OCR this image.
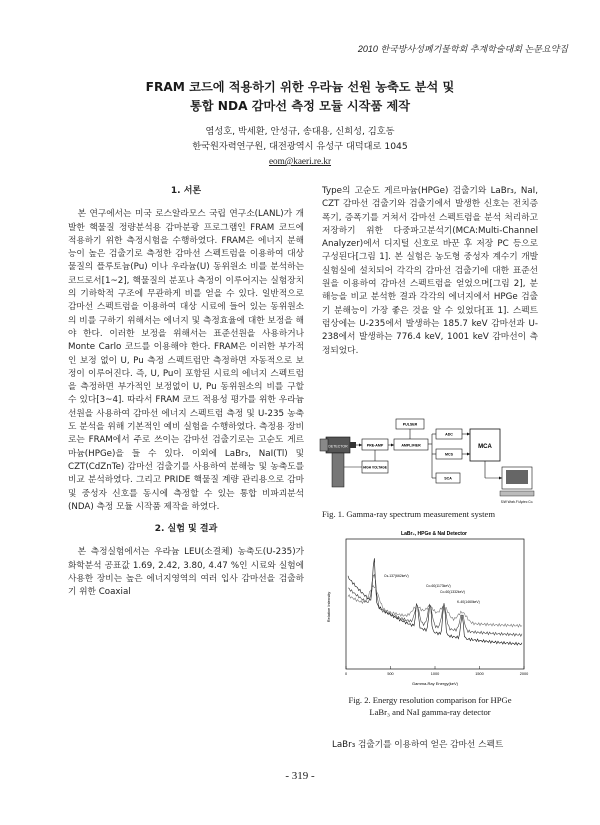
2010 한국방사성폐기물학회 추계학술대회 논문요약집
FRAM 코드에 적용하기 위한 우라늄 선원 농축도 분석 및
통합 NDA 감마선 측정 모듈 시작품 제작
염성호, 박세환, 안성규, 송대용, 신희성, 김호동
한국원자력연구원, 대전광역시 유성구 대덕대로 1045
eom@kaeri.re.kr
1. 서론
본 연구에서는 미국 로스알라모스 국립 연구소(LANL)가 개발한 핵물질 정량분석용 감마분광 프로그램인 FRAM 코드에 적용하기 위한 측정시험을 수행하였다. FRAM은 에너지 분해능이 높은 검출기로 측정한 감마선 스펙트럼을 이용하여 대상 물질의 플루토늄(Pu) 이나 우라늄(U) 동위원소 비를 분석하는 코드로서[1~2], 핵물질의 분포나 측정이 이루어지는 실험장치의 기하학적 구조에 무관하게 비를 얻을 수 있다. 일반적으로 감마선 스펙트럼을 이용하여 대상 시료에 들어 있는 동위원소의 비를 구하기 위해서는 에너지 및 측정효율에 대한 보정을 해야 한다. 이러한 보정을 위해서는 표준선원을 사용하거나 Monte Carlo 코드를 이용해야 한다. FRAM은 이러한 부가적인 보정 없이 U, Pu 측정 스펙트럼만 측정하면 자동적으로 보정이 이루어진다. 즉, U, Pu이 포함된 시료의 에너지 스펙트럼을 측정하면 부가적인 보정없이 U, Pu 동위원소의 비를 구할 수 있다[3~4]. 따라서 FRAM 코드 적용성 평가를 위한 우라늄 선원을 사용하여 감마선 에너지 스펙트럼 측정 및 U-235 농축도 분석을 위해 기본적인 예비 실험을 수행하였다. 측정용 장비로는 FRAM에서 주로 쓰이는 감마선 검출기로는 고순도 게르마늄(HPGe)을 들 수 있다. 이외에 LaBr₃, NaI(Tl) 및 CZT(CdZnTe) 감마선 검출기를 사용하여 분해능 및 농축도를 비교 분석하였다. 그리고 PRIDE 핵물질 계량 관리용으로 감마 및 중성자 신호를 동시에 측정할 수 있는 통합 비파괴분석(NDA) 측정 모듈 시작품 제작을 하였다.
2. 실험 및 결과
본 측정실험에서는 우라늄 LEU(소결체) 농축도(U-235)가 화학분석 공표값 1.69, 2.42, 3.80, 4.47 %인 시료와 실험에 사용한 장비는 높은 에너지영역의 여러 입사 감마선을 검출하기 위한 Coaxial
Type의 고순도 게르마늄(HPGe) 검출기와 LaBr₃, NaI, CZT 감마선 검출기와 검출기에서 발생한 신호는 전치증폭기, 증폭기를 거쳐서 감마선 스펙트럼을 분석 처리하고 저장하기 위한 다중파고분석기(MCA:Multi-Channel Analyzer)에서 디지털 신호로 바꾼 후 저장 PC 등으로 구성된다[그림 1]. 본 실험은 농도형 중성자 계수기 개발 실험실에 설치되어 각각의 감마선 검출기에 대한 표준선원을 이용하여 감마선 스펙트럼을 얻었으며[그림 2], 분해능을 비교 분석한 결과 각각의 에너지에서 HPGe 검출기 분해능이 가장 좋은 것을 알 수 있었다[표 1]. 스펙트럼상에는 U-235에서 발생하는 185.7 keV 감마선과 U-238에서 발생하는 776.4 keV, 1001 keV 감마선이 측정되었다.
DETECTOR	PRE-AMP	AMPLIFIER
PULSER
ADC
MCS
MCA
HIGH VOLTAGE
SCA
S/W Work.Fi Aptec Co.
Fig. 1. Gamma-ray spectrum measurement system
LaBr₃, HPGe & NaI Detector
Relative Intensity
Gamma-Ray Energy(keV)
0	500	1000	1500	2000
Cs-137(662keV)
Co-60(1173keV)
Co-60(1332keV)
K-40(1460keV)
Fig. 2. Energy resolution comparison for HPGe
LaBr₃ and NaI gamma-ray detector
LaBr₃ 검출기를 이용하여 얻은 감마선 스펙트
- 319 -
